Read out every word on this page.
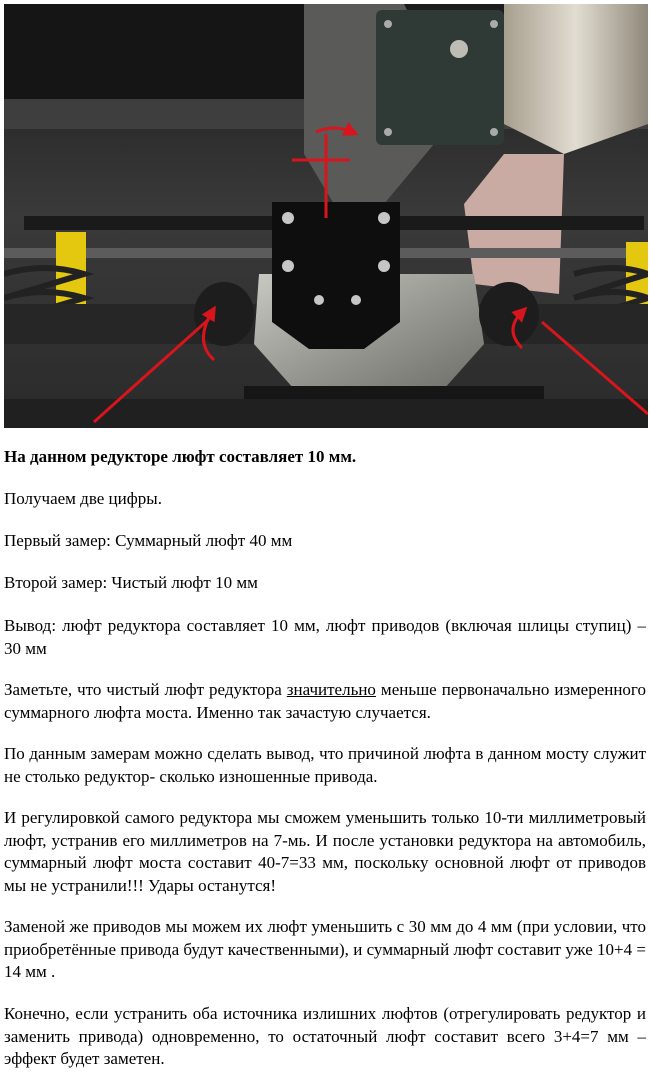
На данном редукторе люфт составляет 10 мм.

Получаем две цифры.

Первый замер: Суммарный люфт 40 мм

Второй замер: Чистый люфт 10 мм

Вывод: люфт редуктора составляет 10 мм, люфт приводов (включая шлицы ступиц) – 30 мм

Заметьте, что чистый люфт редуктора значительно меньше первоначально измеренного суммарного люфта моста. Именно так зачастую случается.

По данным замерам можно сделать вывод, что причиной люфта в данном мосту служит не столько редуктор- сколько изношенные привода.

И регулировкой самого редуктора мы сможем уменьшить только 10-ти миллиметровый люфт, устранив его миллиметров на 7-мь. И после установки редуктора на автомобиль, суммарный люфт моста составит 40-7=33 мм, поскольку основной люфт от приводов мы не устранили!!! Удары останутся!

Заменой же приводов мы можем их люфт уменьшить с 30 мм до 4 мм (при условии, что приобретённые привода будут качественными), и суммарный люфт составит уже 10+4 = 14 мм .

Конечно, если устранить оба источника излишних люфтов (отрегулировать редуктор и заменить привода) одновременно, то остаточный люфт составит всего 3+4=7 мм – эффект будет заметен.
